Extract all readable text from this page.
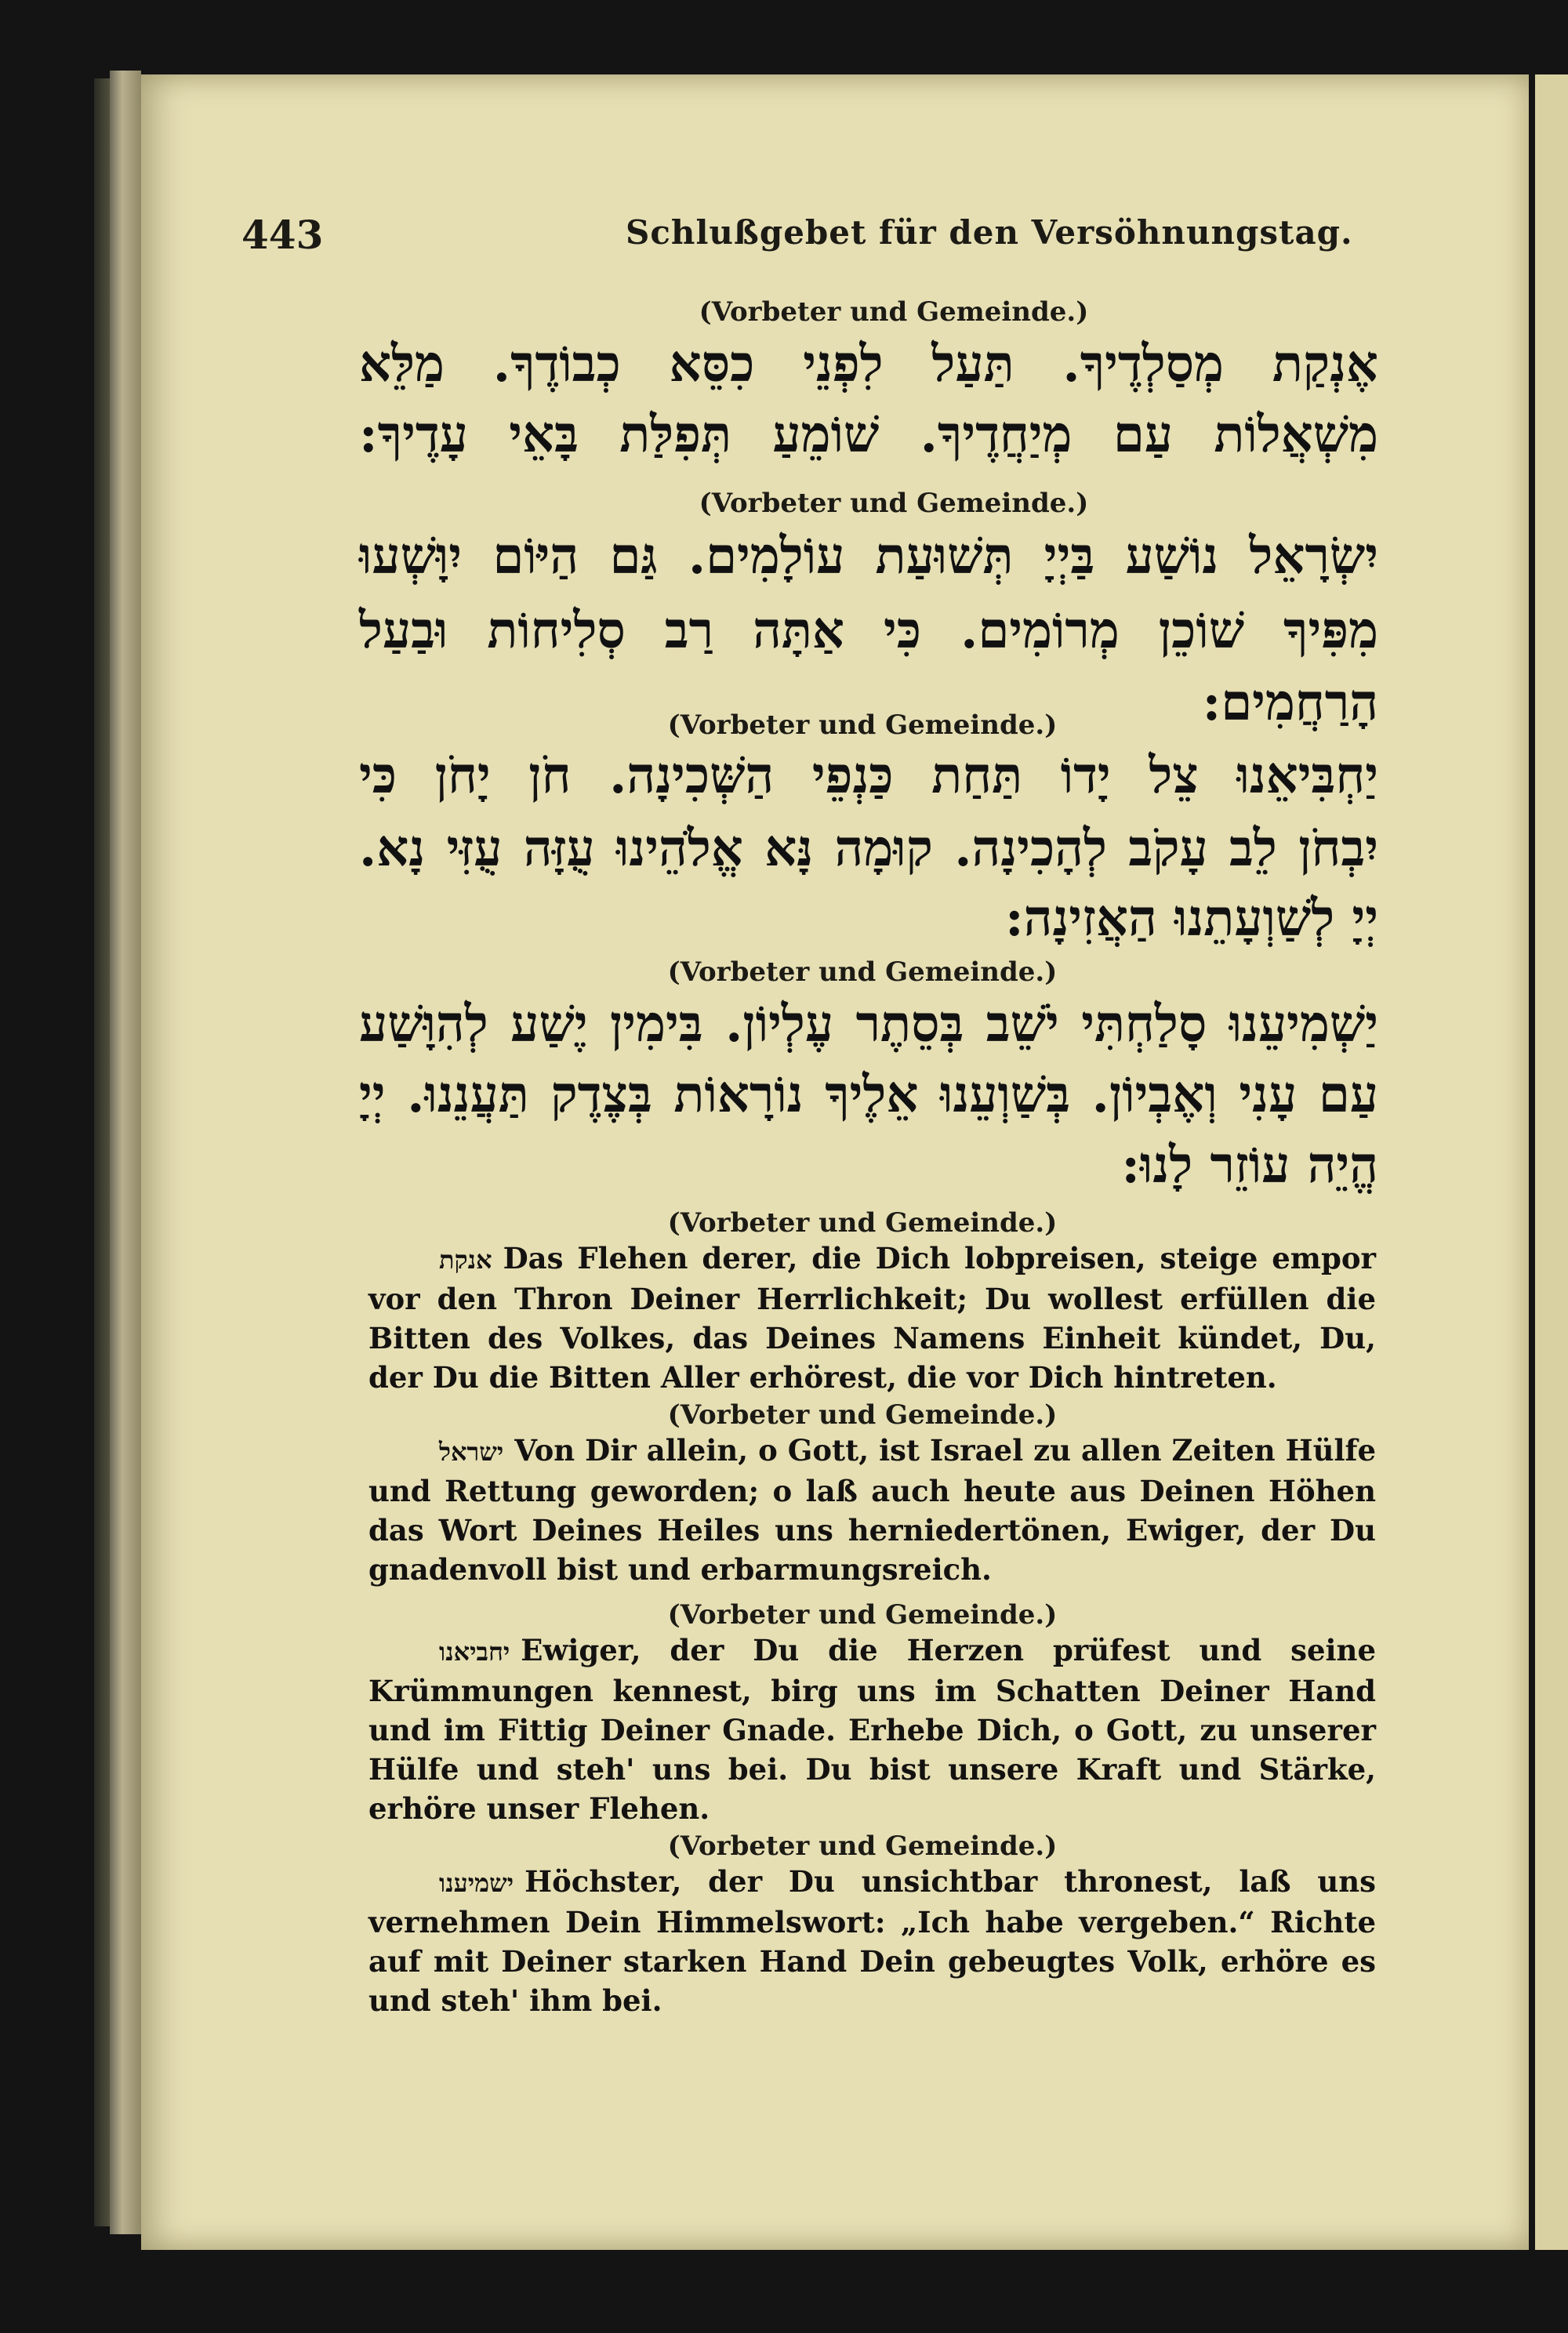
443	Schlußgebet für den Versöhnungstag.
(Vorbeter und Gemeinde.)
אֶנְקַת מְסַלְדֶיךָ. תַּעַל לִפְנֵי כִסֵּא כְבוֹדֶךָ. מַלֵּא
מִשְׁאֲלוֹת עַם מְיַחֲדֶיךָ. שׁוֹמֵעַ תְּפִלַּת בָּאֵי עָדֶיךָ:
(Vorbeter und Gemeinde.)
יִשְׂרָאֵל נוֹשַׁע בַּיְיָ תְּשׁוּעַת עוֹלָמִים. גַּם הַיּוֹם יִוָּשְׁעוּ
מִפִּיךָ שׁוֹכֵן מְרוֹמִים. כִּי אַתָּה רַב סְלִיחוֹת וּבַעַל
הָרַחֲמִים:
(Vorbeter und Gemeinde.)
יַחְבִּיאֵנוּ צֵל יָדוֹ תַּחַת כַּנְפֵי הַשְּׁכִינָה. חֹן יָחֹן כִּי
יִבְחֹן לֵב עָקֹב לְהָכִינָה. קוּמָה נָּא אֱלֹהֵינוּ עֻזָּה עֻזִּי נָא.
יְיָ לְשַׁוְעָתֵנוּ הַאֲזִינָה:
(Vorbeter und Gemeinde.)
יַשְׁמִיעֵנוּ סָלַחְתִּי יֹשֵׁב בְּסֵתֶר עֶלְיוֹן. בִּימִין יֶשַׁע לְהִוָּשַׁע
עַם עָנִי וְאֶבְיוֹן. בְּשַׁוְעֵנוּ אֵלֶיךָ נוֹרָאוֹת בְּצֶדֶק תַּעֲנֵנוּ. יְיָ
הֱיֵה עוֹזֵר לָנוּ:
(Vorbeter und Gemeinde.)
אנקת Das Flehen derer, die Dich lobpreisen, steige empor vor den Thron Deiner Herrlichkeit; Du wollest erfüllen die Bitten des Volkes, das Deines Namens Einheit kündet, Du, der Du die Bitten Aller erhörest, die vor Dich hintreten.
(Vorbeter und Gemeinde.)
ישראל Von Dir allein, o Gott, ist Israel zu allen Zeiten Hülfe und Rettung geworden; o laß auch heute aus Deinen Höhen das Wort Deines Heiles uns herniedertönen, Ewiger, der Du gnadenvoll bist und erbarmungsreich.
(Vorbeter und Gemeinde.)
יחביאנו Ewiger, der Du die Herzen prüfest und seine Krümmungen kennest, birg uns im Schatten Deiner Hand und im Fittig Deiner Gnade. Erhebe Dich, o Gott, zu unserer Hülfe und steh' uns bei. Du bist unsere Kraft und Stärke, erhöre unser Flehen.
(Vorbeter und Gemeinde.)
ישמיענו Höchster, der Du unsichtbar thronest, laß uns vernehmen Dein Himmelswort: „Ich habe vergeben.“ Richte auf mit Deiner starken Hand Dein gebeugtes Volk, erhöre es und steh' ihm bei.
